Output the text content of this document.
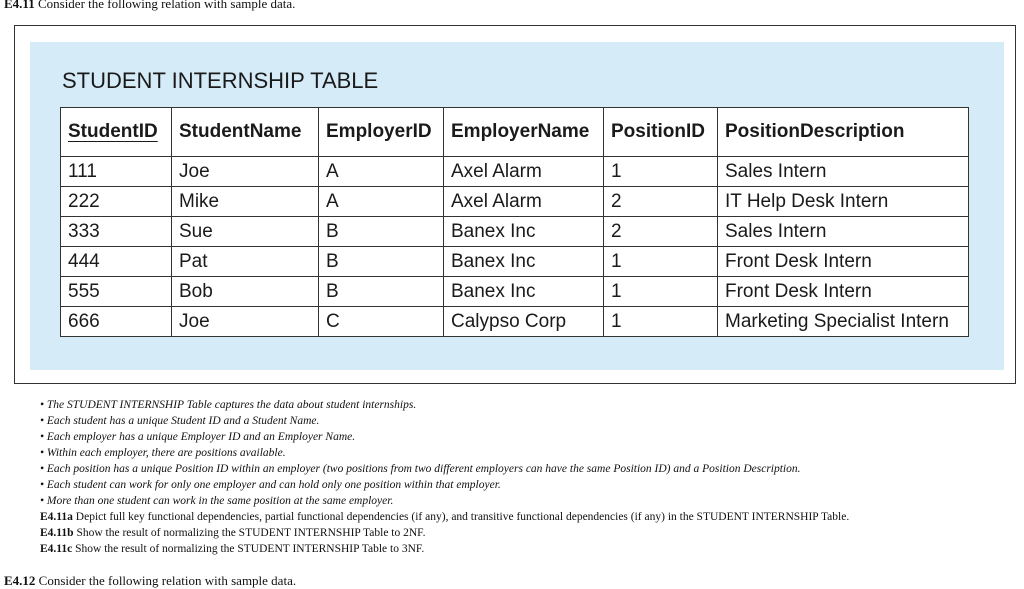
E4.11 Consider the following relation with sample data.
STUDENT INTERNSHIP TABLE
StudentID	StudentName	EmployerID	EmployerName	PositionID	PositionDescription
111	Joe	A	Axel Alarm	1	Sales Intern
222	Mike	A	Axel Alarm	2	IT Help Desk Intern
333	Sue	B	Banex Inc	2	Sales Intern
444	Pat	B	Banex Inc	1	Front Desk Intern
555	Bob	B	Banex Inc	1	Front Desk Intern
666	Joe	C	Calypso Corp	1	Marketing Specialist Intern
• The STUDENT INTERNSHIP Table captures the data about student internships.
• Each student has a unique Student ID and a Student Name.
• Each employer has a unique Employer ID and an Employer Name.
• Within each employer, there are positions available.
• Each position has a unique Position ID within an employer (two positions from two different employers can have the same Position ID) and a Position Description.
• Each student can work for only one employer and can hold only one position within that employer.
• More than one student can work in the same position at the same employer.
E4.11a Depict full key functional dependencies, partial functional dependencies (if any), and transitive functional dependencies (if any) in the STUDENT INTERNSHIP Table.
E4.11b Show the result of normalizing the STUDENT INTERNSHIP Table to 2NF.
E4.11c Show the result of normalizing the STUDENT INTERNSHIP Table to 3NF.
E4.12 Consider the following relation with sample data.
